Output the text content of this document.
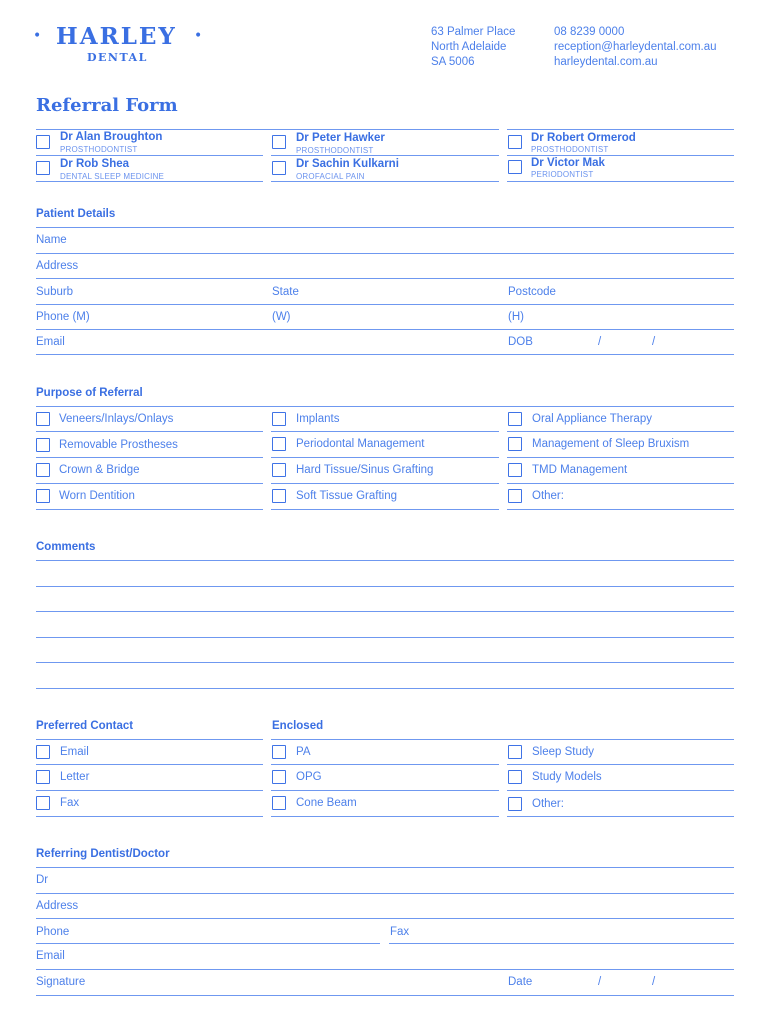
• HARLEY •
DENTAL
63 Palmer Place
North Adelaide
SA 5006
08 8239 0000
reception@harleydental.com.au
harleydental.com.au
Referral Form
Dr Alan Broughton
PROSTHODONTIST
Dr Peter Hawker
PROSTHODONTIST
Dr Robert Ormerod
PROSTHODONTIST
Dr Rob Shea
DENTAL SLEEP MEDICINE
Dr Sachin Kulkarni
OROFACIAL PAIN
Dr Victor Mak
PERIODONTIST
Patient Details
Name
Address
Suburb	State	Postcode
Phone (M)	(W)	(H)
Email	DOB	/	/
Purpose of Referral
Veneers/Inlays/Onlays	Implants	Oral Appliance Therapy
Removable Prostheses	Periodontal Management	Management of Sleep Bruxism
Crown & Bridge	Hard Tissue/Sinus Grafting	TMD Management
Worn Dentition	Soft Tissue Grafting	Other:
Comments
Preferred Contact	Enclosed
Email	PA	Sleep Study
Letter	OPG	Study Models
Fax	Cone Beam	Other:
Referring Dentist/Doctor
Dr
Address
Phone	Fax
Email
Signature	Date	/	/
